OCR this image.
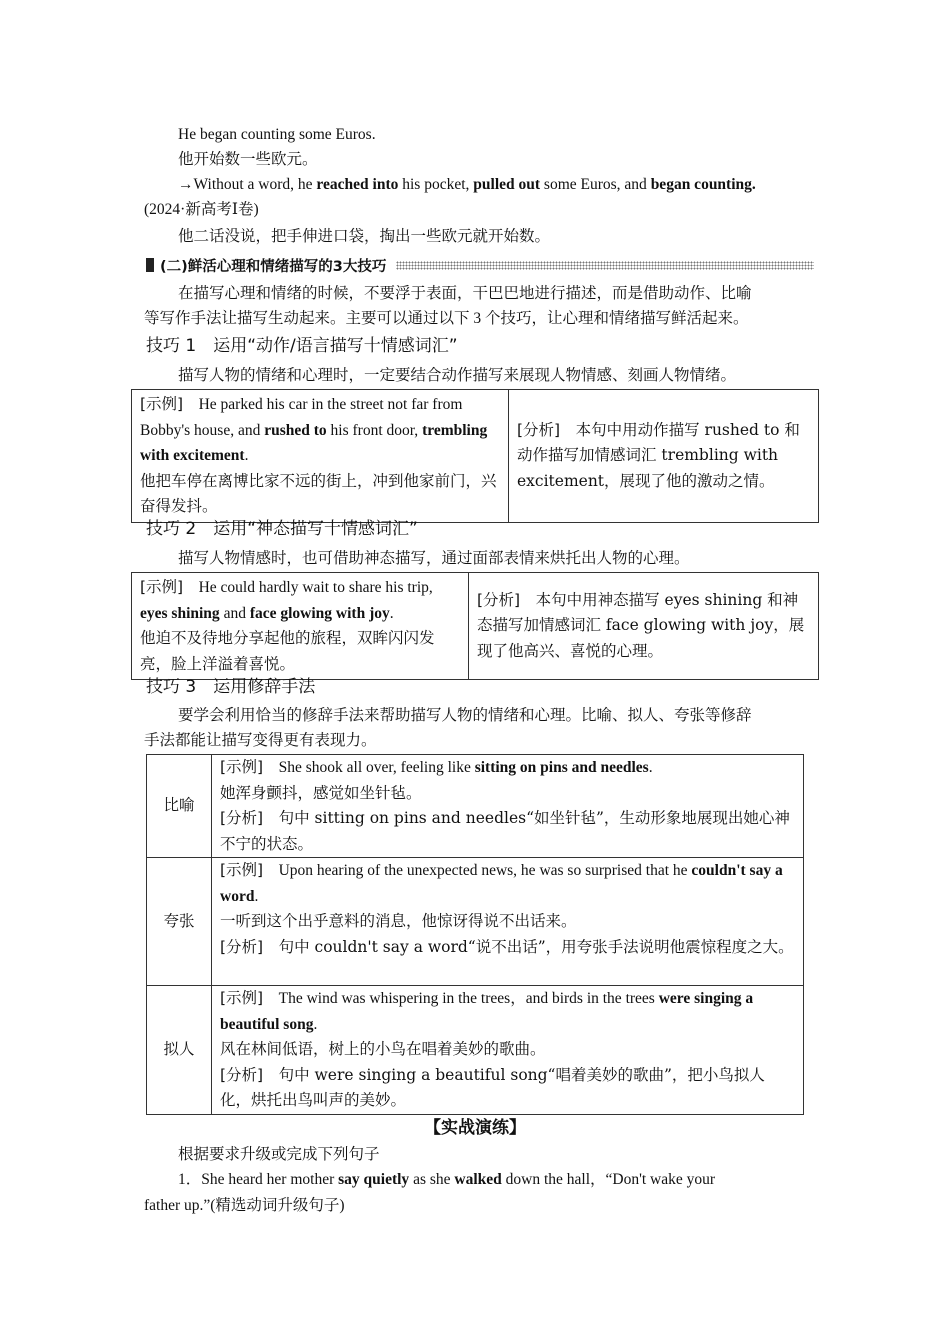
He began counting some Euros.

他开始数一些欧元。

→Without a word, he reached into his pocket, pulled out some Euros, and began counting.

(2024·新高考Ⅰ卷)

他二话没说，把手伸进口袋，掏出一些欧元就开始数。

(二)鲜活心理和情绪描写的3大技巧

在描写心理和情绪的时候，不要浮于表面，干巴巴地进行描述，而是借助动作、比喻

等写作手法让描写生动起来。主要可以通过以下 3 个技巧，让心理和情绪描写鲜活起来。

技巧 1　运用“动作/语言描写十情感词汇”

描写人物的情绪和心理时，一定要结合动作描写来展现人物情感、刻画人物情绪。

[示例]　He parked his car in the street not far from Bobby's house, and rushed to his front door, trembling with excitement.
他把车停在离博比家不远的街上，冲到他家前门，兴奋得发抖。	[分析]　本句中用动作描写 rushed to 和动作描写加情感词汇 trembling with excitement，展现了他的激动之情。
技巧 2　运用“神态描写十情感词汇”

描写人物情感时，也可借助神态描写，通过面部表情来烘托出人物的心理。

[示例]　He could hardly wait to share his trip, eyes shining and face glowing with joy.
他迫不及待地分享起他的旅程，双眸闪闪发亮，脸上洋溢着喜悦。	[分析]　本句中用神态描写 eyes shining 和神态描写加情感词汇 face glowing with joy，展现了他高兴、喜悦的心理。
技巧 3　运用修辞手法

要学会利用恰当的修辞手法来帮助描写人物的情绪和心理。比喻、拟人、夸张等修辞

手法都能让描写变得更有表现力。

比喻	[示例]　She shook all over, feeling like sitting on pins and needles.
她浑身颤抖，感觉如坐针毡。
[分析]　句中 sitting on pins and needles“如坐针毡”，生动形象地展现出她心神不宁的状态。
夸张	[示例]　Upon hearing of the unexpected news, he was so surprised that he couldn't say a word.
一听到这个出乎意料的消息，他惊讶得说不出话来。
[分析]　句中 couldn't say a word“说不出话”，用夸张手法说明他震惊程度之大。
拟人	[示例]　The wind was whispering in the trees，and birds in the trees were singing a beautiful song.
风在林间低语，树上的小鸟在唱着美妙的歌曲。
[分析]　句中 were singing a beautiful song“唱着美妙的歌曲”，把小鸟拟人化，烘托出鸟叫声的美妙。
【实战演练】

根据要求升级或完成下列句子

1．She heard her mother say quietly as she walked down the hall，“Don't wake your

father up.”(精选动词升级句子)
